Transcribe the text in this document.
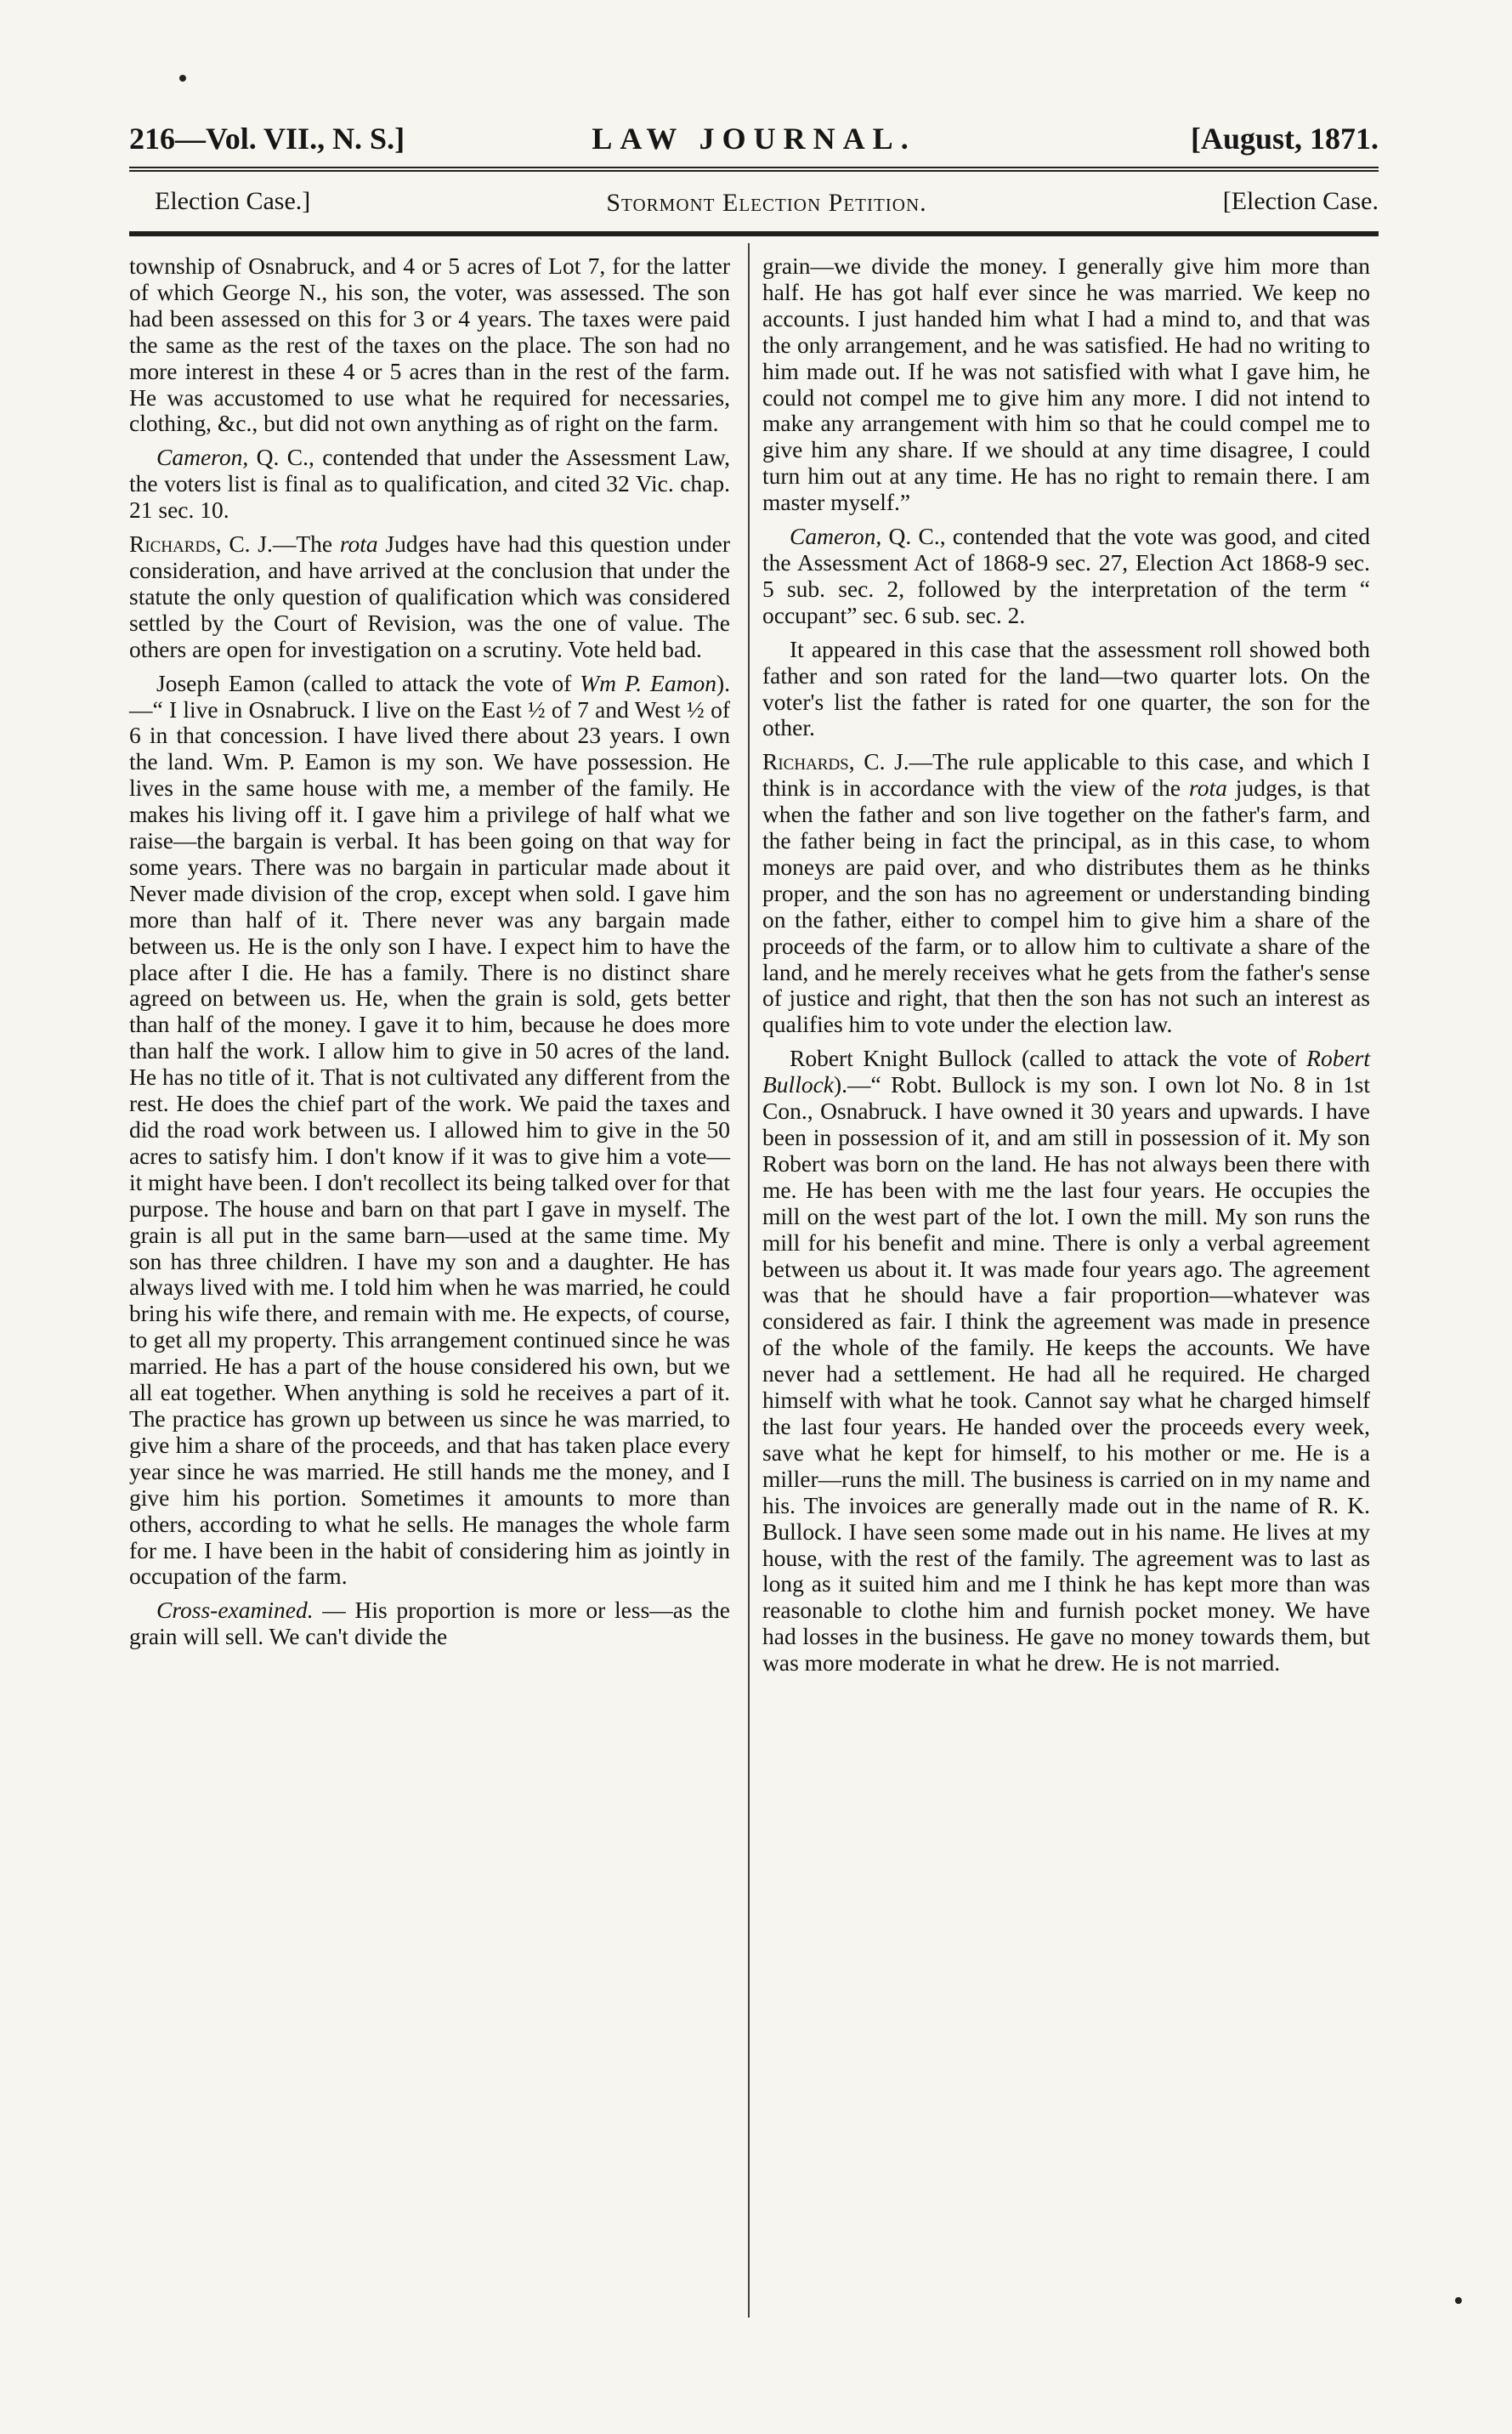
216—Vol. VII., N. S.]	LAW JOURNAL.	[August, 1871.
Election Case.]	Stormont Election Petition.	[Election Case.

township of Osnabruck, and 4 or 5 acres of Lot 7, for the latter of which George N., his son, the voter, was assessed. The son had been assessed on this for 3 or 4 years. The taxes were paid the same as the rest of the taxes on the place. The son had no more interest in these 4 or 5 acres than in the rest of the farm. He was accustomed to use what he required for necessaries, clothing, &c., but did not own anything as of right on the farm.

Cameron, Q. C., contended that under the Assessment Law, the voters list is final as to qualification, and cited 32 Vic. chap. 21 sec. 10.

Richards, C. J.—The rota Judges have had this question under consideration, and have arrived at the conclusion that under the statute the only question of qualification which was considered settled by the Court of Revision, was the one of value. The others are open for investigation on a scrutiny. Vote held bad.

Joseph Eamon (called to attack the vote of Wm P. Eamon).—“ I live in Osnabruck. I live on the East ½ of 7 and West ½ of 6 in that concession. I have lived there about 23 years. I own the land. Wm. P. Eamon is my son. We have possession. He lives in the same house with me, a member of the family. He makes his living off it. I gave him a privilege of half what we raise—the bargain is verbal. It has been going on that way for some years. There was no bargain in particular made about it Never made division of the crop, except when sold. I gave him more than half of it. There never was any bargain made between us. He is the only son I have. I expect him to have the place after I die. He has a family. There is no distinct share agreed on between us. He, when the grain is sold, gets better than half of the money. I gave it to him, because he does more than half the work. I allow him to give in 50 acres of the land. He has no title of it. That is not cultivated any different from the rest. He does the chief part of the work. We paid the taxes and did the road work between us. I allowed him to give in the 50 acres to satisfy him. I don't know if it was to give him a vote—it might have been. I don't recollect its being talked over for that purpose. The house and barn on that part I gave in myself. The grain is all put in the same barn—used at the same time. My son has three children. I have my son and a daughter. He has always lived with me. I told him when he was married, he could bring his wife there, and remain with me. He expects, of course, to get all my property. This arrangement continued since he was married. He has a part of the house considered his own, but we all eat together. When anything is sold he receives a part of it. The practice has grown up between us since he was married, to give him a share of the proceeds, and that has taken place every year since he was married. He still hands me the money, and I give him his portion. Sometimes it amounts to more than others, according to what he sells. He manages the whole farm for me. I have been in the habit of considering him as jointly in occupation of the farm.

Cross-examined. — His proportion is more or less—as the grain will sell. We can't divide the

grain—we divide the money. I generally give him more than half. He has got half ever since he was married. We keep no accounts. I just handed him what I had a mind to, and that was the only arrangement, and he was satisfied. He had no writing to him made out. If he was not satisfied with what I gave him, he could not compel me to give him any more. I did not intend to make any arrangement with him so that he could compel me to give him any share. If we should at any time disagree, I could turn him out at any time. He has no right to remain there. I am master myself.”

Cameron, Q. C., contended that the vote was good, and cited the Assessment Act of 1868-9 sec. 27, Election Act 1868-9 sec. 5 sub. sec. 2, followed by the interpretation of the term “ occupant” sec. 6 sub. sec. 2.

It appeared in this case that the assessment roll showed both father and son rated for the land—two quarter lots. On the voter's list the father is rated for one quarter, the son for the other.

Richards, C. J.—The rule applicable to this case, and which I think is in accordance with the view of the rota judges, is that when the father and son live together on the father's farm, and the father being in fact the principal, as in this case, to whom moneys are paid over, and who distributes them as he thinks proper, and the son has no agreement or understanding binding on the father, either to compel him to give him a share of the proceeds of the farm, or to allow him to cultivate a share of the land, and he merely receives what he gets from the father's sense of justice and right, that then the son has not such an interest as qualifies him to vote under the election law.

Robert Knight Bullock (called to attack the vote of Robert Bullock).—“ Robt. Bullock is my son. I own lot No. 8 in 1st Con., Osnabruck. I have owned it 30 years and upwards. I have been in possession of it, and am still in possession of it. My son Robert was born on the land. He has not always been there with me. He has been with me the last four years. He occupies the mill on the west part of the lot. I own the mill. My son runs the mill for his benefit and mine. There is only a verbal agreement between us about it. It was made four years ago. The agreement was that he should have a fair proportion—whatever was considered as fair. I think the agreement was made in presence of the whole of the family. He keeps the accounts. We have never had a settlement. He had all he required. He charged himself with what he took. Cannot say what he charged himself the last four years. He handed over the proceeds every week, save what he kept for himself, to his mother or me. He is a miller—runs the mill. The business is carried on in my name and his. The invoices are generally made out in the name of R. K. Bullock. I have seen some made out in his name. He lives at my house, with the rest of the family. The agreement was to last as long as it suited him and me I think he has kept more than was reasonable to clothe him and furnish pocket money. We have had losses in the business. He gave no money towards them, but was more moderate in what he drew. He is not married.
